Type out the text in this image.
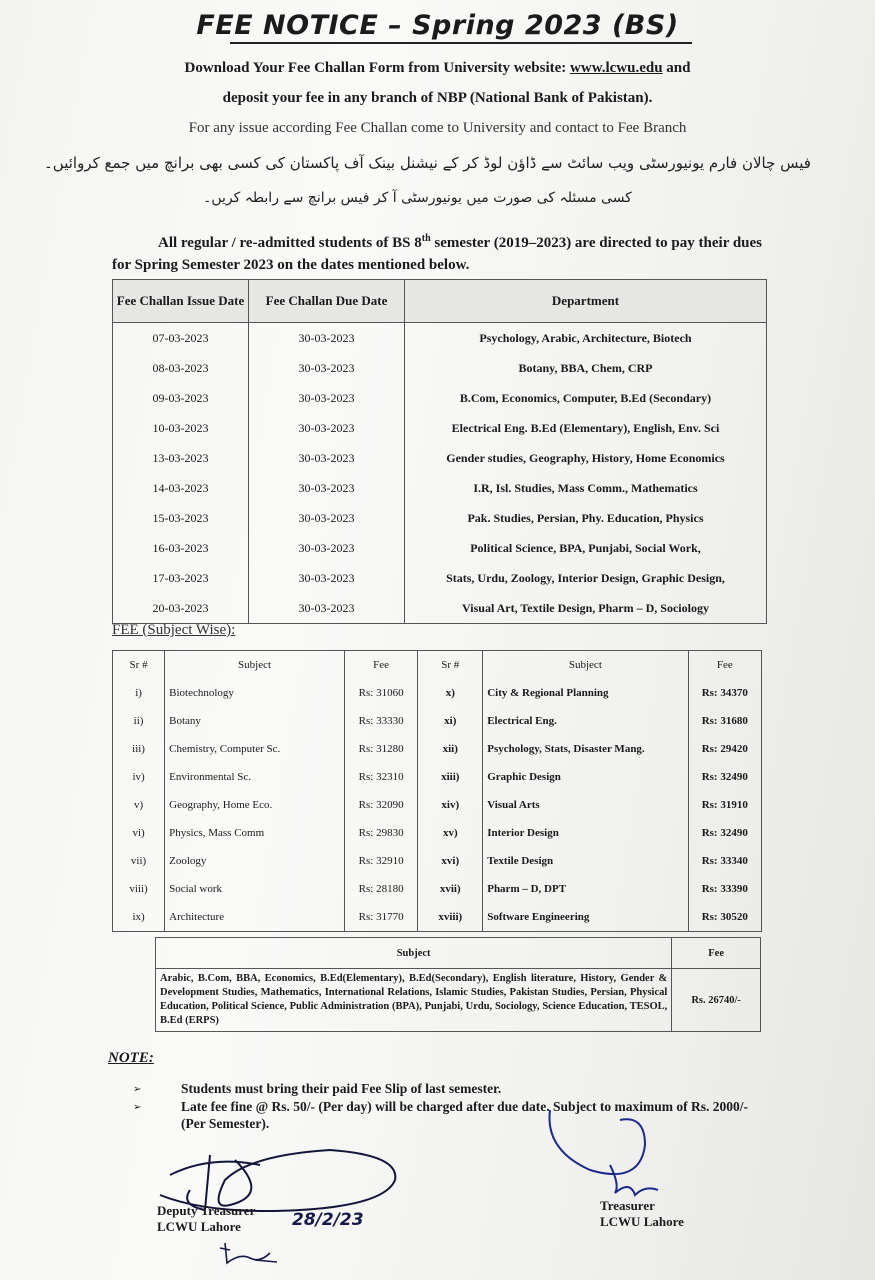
FEE NOTICE – Spring 2023 (BS)
Download Your Fee Challan Form from University website: www.lcwu.edu and
deposit your fee in any branch of NBP (National Bank of Pakistan).
For any issue according Fee Challan come to University and contact to Fee Branch
فیس چالان فارم یونیورسٹی ویب سائٹ سے ڈاؤن لوڈ کر کے نیشنل بینک آف پاکستان کی کسی بھی برانچ میں جمع کروائیں۔
کسی مسئلہ کی صورت میں یونیورسٹی آ کر فیس برانچ سے رابطہ کریں۔
All regular / re-admitted students of BS 8th semester (2019–2023) are directed to pay their dues for Spring Semester 2023 on the dates mentioned below.
Fee Challan Issue Date	Fee Challan Due Date	Department
07-03-2023	30-03-2023	Psychology, Arabic, Architecture, Biotech
08-03-2023	30-03-2023	Botany, BBA, Chem, CRP
09-03-2023	30-03-2023	B.Com, Economics, Computer, B.Ed (Secondary)
10-03-2023	30-03-2023	Electrical Eng. B.Ed (Elementary), English, Env. Sci
13-03-2023	30-03-2023	Gender studies, Geography, History, Home Economics
14-03-2023	30-03-2023	I.R, Isl. Studies, Mass Comm., Mathematics
15-03-2023	30-03-2023	Pak. Studies, Persian, Phy. Education, Physics
16-03-2023	30-03-2023	Political Science, BPA, Punjabi, Social Work,
17-03-2023	30-03-2023	Stats, Urdu, Zoology, Interior Design, Graphic Design,
20-03-2023	30-03-2023	Visual Art, Textile Design, Pharm – D, Sociology
FEE (Subject Wise):
Sr #	Subject	Fee	Sr #	Subject	Fee
i)	Biotechnology	Rs: 31060	x)	City & Regional Planning	Rs: 34370
ii)	Botany	Rs: 33330	xi)	Electrical Eng.	Rs: 31680
iii)	Chemistry, Computer Sc.	Rs: 31280	xii)	Psychology, Stats, Disaster Mang.	Rs: 29420
iv)	Environmental Sc.	Rs: 32310	xiii)	Graphic Design	Rs: 32490
v)	Geography, Home Eco.	Rs: 32090	xiv)	Visual Arts	Rs: 31910
vi)	Physics, Mass Comm	Rs: 29830	xv)	Interior Design	Rs: 32490
vii)	Zoology	Rs: 32910	xvi)	Textile Design	Rs: 33340
viii)	Social work	Rs: 28180	xvii)	Pharm – D, DPT	Rs: 33390
ix)	Architecture	Rs: 31770	xviii)	Software Engineering	Rs: 30520
Subject	Fee
Arabic, B.Com, BBA, Economics, B.Ed(Elementary), B.Ed(Secondary), English literature, History, Gender & Development Studies, Mathematics, International Relations, Islamic Studies, Pakistan Studies, Persian, Physical Education, Political Science, Public Administration (BPA), Punjabi, Urdu, Sociology, Science Education, TESOL, B.Ed (ERPS)	Rs. 26740/-
NOTE:
➢	Students must bring their paid Fee Slip of last semester.
➢	Late fee fine @ Rs. 50/- (Per day) will be charged after due date. Subject to maximum of Rs. 2000/- (Per Semester).
Deputy Treasurer
LCWU Lahore	28/2/23
Treasurer
LCWU Lahore
